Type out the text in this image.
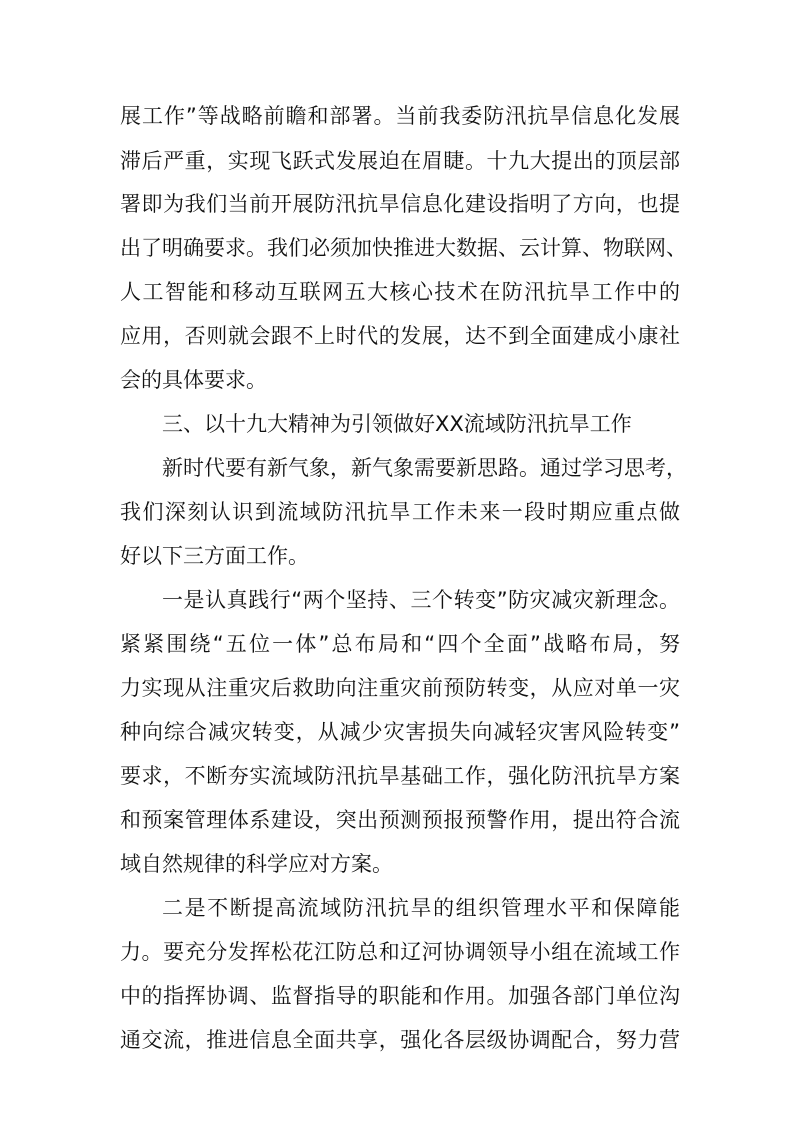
展工作”等战略前瞻和部署。当前我委防汛抗旱信息化发展
滞后严重，实现飞跃式发展迫在眉睫。十九大提出的顶层部
署即为我们当前开展防汛抗旱信息化建设指明了方向，也提
出了明确要求。我们必须加快推进大数据、云计算、物联网、
人工智能和移动互联网五大核心技术在防汛抗旱工作中的
应用，否则就会跟不上时代的发展，达不到全面建成小康社
会的具体要求。
三、以十九大精神为引领做好XX流域防汛抗旱工作
新时代要有新气象，新气象需要新思路。通过学习思考，
我们深刻认识到流域防汛抗旱工作未来一段时期应重点做
好以下三方面工作。
一是认真践行“两个坚持、三个转变”防灾减灾新理念。
紧紧围绕“五位一体”总布局和“四个全面”战略布局，努
力实现从注重灾后救助向注重灾前预防转变，从应对单一灾
种向综合减灾转变，从减少灾害损失向减轻灾害风险转变”
要求，不断夯实流域防汛抗旱基础工作，强化防汛抗旱方案
和预案管理体系建设，突出预测预报预警作用，提出符合流
域自然规律的科学应对方案。
二是不断提高流域防汛抗旱的组织管理水平和保障能
力。要充分发挥松花江防总和辽河协调领导小组在流域工作
中的指挥协调、监督指导的职能和作用。加强各部门单位沟
通交流，推进信息全面共享，强化各层级协调配合，努力营
